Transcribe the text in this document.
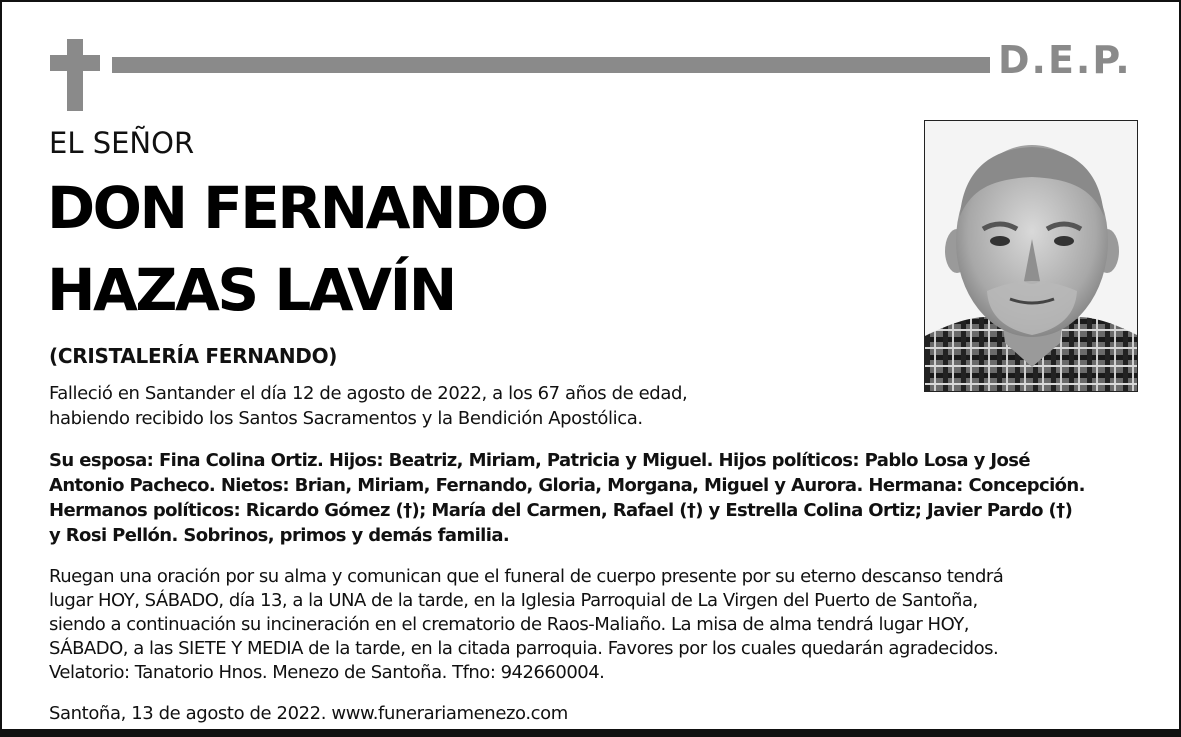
D.E.P.
EL SEÑOR
DON FERNANDO
HAZAS LAVÍN
(CRISTALERÍA FERNANDO)
Falleció en Santander el día 12 de agosto de 2022, a los 67 años de edad,
habiendo recibido los Santos Sacramentos y la Bendición Apostólica.
Su esposa: Fina Colina Ortiz. Hijos: Beatriz, Miriam, Patricia y Miguel. Hijos políticos: Pablo Losa y José
Antonio Pacheco. Nietos: Brian, Miriam, Fernando, Gloria, Morgana, Miguel y Aurora. Hermana: Concepción.
Hermanos políticos: Ricardo Gómez (†); María del Carmen, Rafael (†) y Estrella Colina Ortiz; Javier Pardo (†)
y Rosi Pellón. Sobrinos, primos y demás familia.
Ruegan una oración por su alma y comunican que el funeral de cuerpo presente por su eterno descanso tendrá
lugar HOY, SÁBADO, día 13, a la UNA de la tarde, en la Iglesia Parroquial de La Virgen del Puerto de Santoña,
siendo a continuación su incineración en el crematorio de Raos-Maliaño. La misa de alma tendrá lugar HOY,
SÁBADO, a las SIETE Y MEDIA de la tarde, en la citada parroquia. Favores por los cuales quedarán agradecidos.
Velatorio: Tanatorio Hnos. Menezo de Santoña. Tfno: 942660004.
Santoña, 13 de agosto de 2022. www.funerariamenezo.com
